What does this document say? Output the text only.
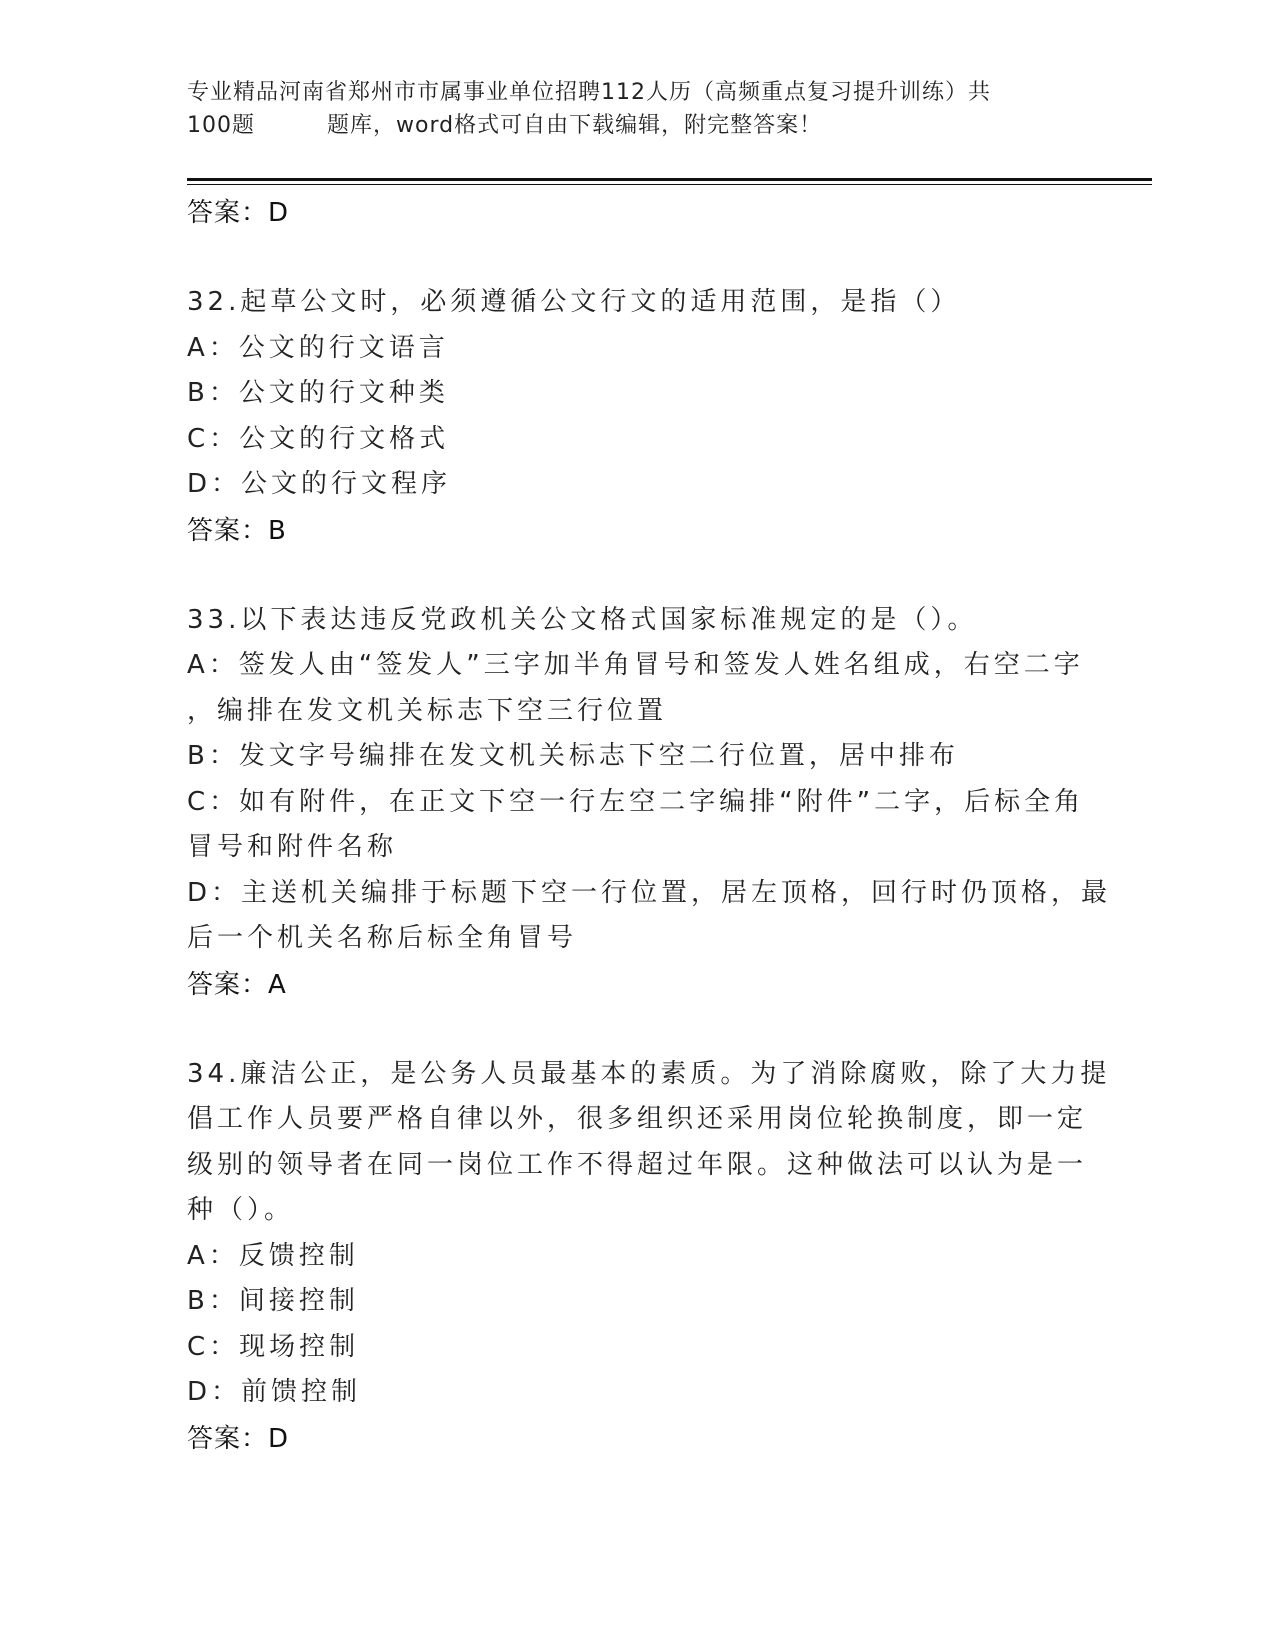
专业精品河南省郑州市市属事业单位招聘112人历（高频重点复习提升训练）共
100题	题库，word格式可自由下载编辑，附完整答案！
答案：D
32.起草公文时，必须遵循公文行文的适用范围，是指（）
A：公文的行文语言
B：公文的行文种类
C：公文的行文格式
D：公文的行文程序
答案：B
33.以下表达违反党政机关公文格式国家标准规定的是（）。
A：签发人由“签发人”三字加半角冒号和签发人姓名组成，右空二字
，编排在发文机关标志下空三行位置
B：发文字号编排在发文机关标志下空二行位置，居中排布
C：如有附件，在正文下空一行左空二字编排“附件”二字，后标全角
冒号和附件名称
D：主送机关编排于标题下空一行位置，居左顶格，回行时仍顶格，最
后一个机关名称后标全角冒号
答案：A
34.廉洁公正，是公务人员最基本的素质。为了消除腐败，除了大力提
倡工作人员要严格自律以外，很多组织还采用岗位轮换制度，即一定
级别的领导者在同一岗位工作不得超过年限。这种做法可以认为是一
种（）。
A：反馈控制
B：间接控制
C：现场控制
D：前馈控制
答案：D
